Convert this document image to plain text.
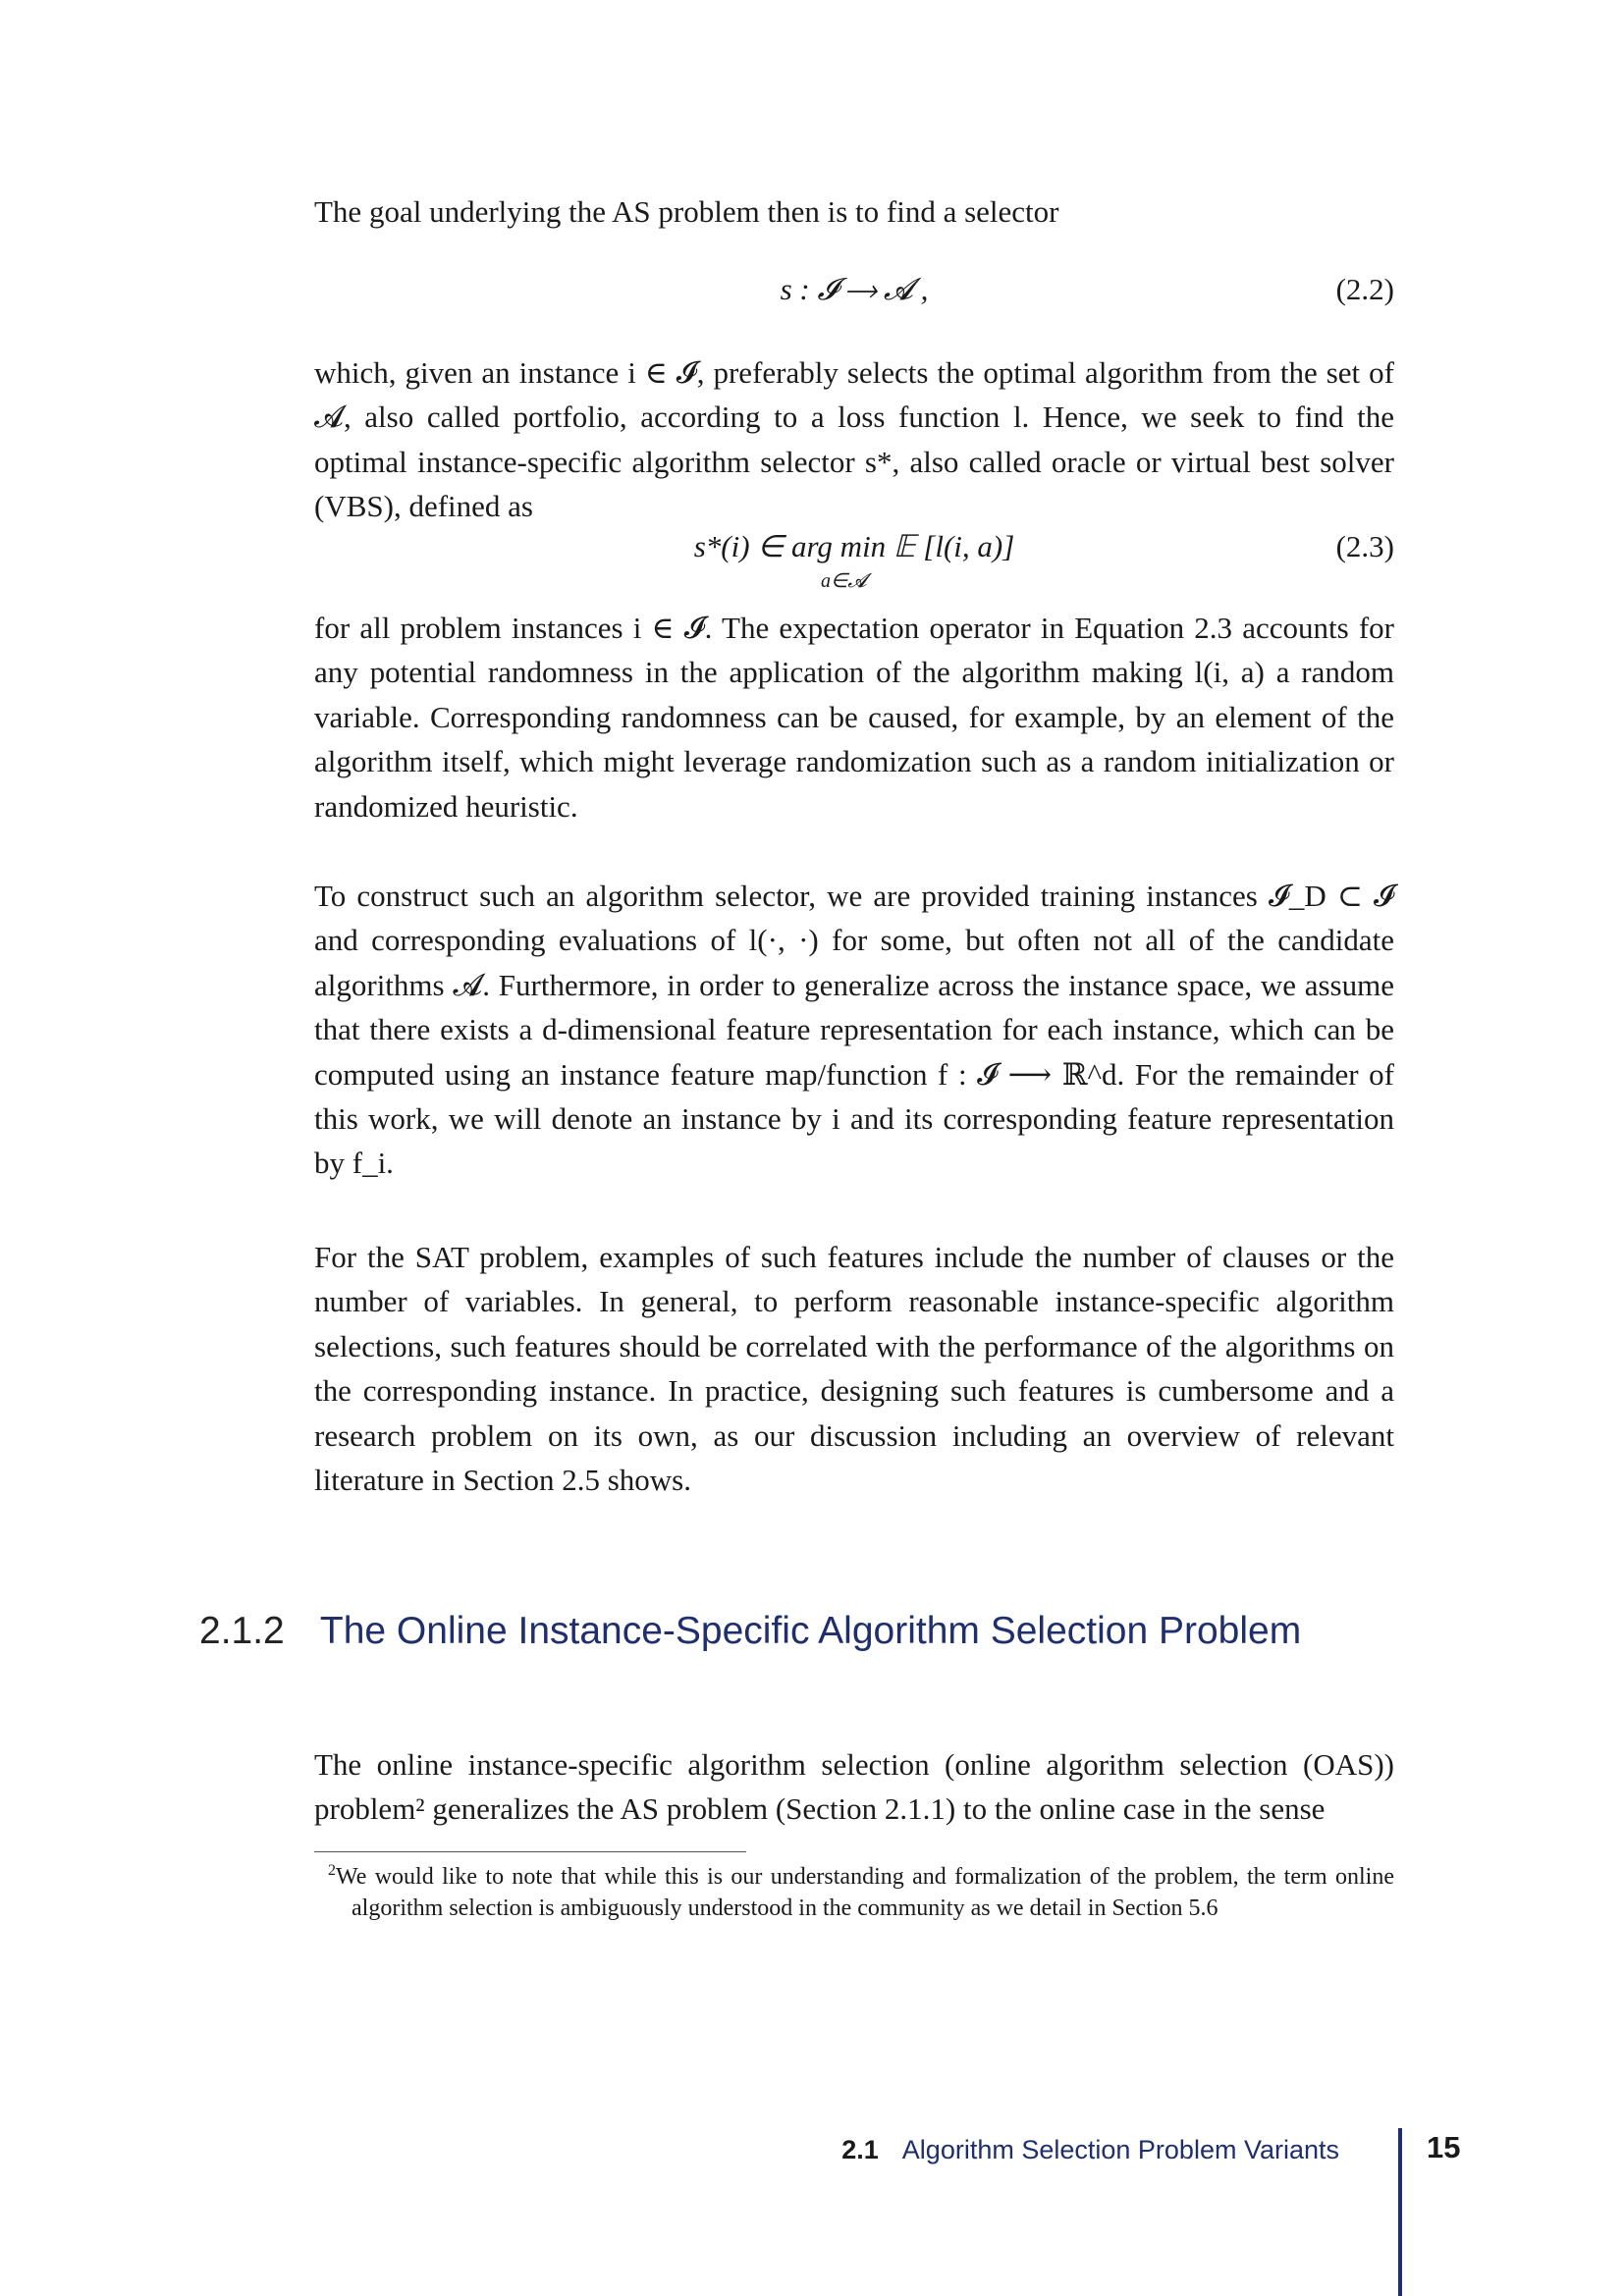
The goal underlying the AS problem then is to find a selector

s : 𝓘 ⟶ 𝓐 ,	(2.2)

which, given an instance i ∈ 𝓘, preferably selects the optimal algorithm from the set of 𝓐, also called portfolio, according to a loss function l. Hence, we seek to find the optimal instance-specific algorithm selector s*, also called oracle or virtual best solver (VBS), defined as

s*(i) ∈ arg min 𝔼 [l(i, a)]
a∈𝓐
(2.3)

for all problem instances i ∈ 𝓘. The expectation operator in Equation 2.3 accounts for any potential randomness in the application of the algorithm making l(i, a) a random variable. Corresponding randomness can be caused, for example, by an element of the algorithm itself, which might leverage randomization such as a random initialization or randomized heuristic.

To construct such an algorithm selector, we are provided training instances 𝓘_D ⊂ 𝓘 and corresponding evaluations of l(·, ·) for some, but often not all of the candidate algorithms 𝓐. Furthermore, in order to generalize across the instance space, we assume that there exists a d-dimensional feature representation for each instance, which can be computed using an instance feature map/function f : 𝓘 ⟶ ℝ^d. For the remainder of this work, we will denote an instance by i and its corresponding feature representation by f_i.

For the SAT problem, examples of such features include the number of clauses or the number of variables. In general, to perform reasonable instance-specific algorithm selections, such features should be correlated with the performance of the algorithms on the corresponding instance. In practice, designing such features is cumbersome and a research problem on its own, as our discussion including an overview of relevant literature in Section 2.5 shows.

2.1.2 The Online Instance-Specific Algorithm Selection Problem

The online instance-specific algorithm selection (online algorithm selection (OAS)) problem² generalizes the AS problem (Section 2.1.1) to the online case in the sense

$^2$We would like to note that while this is our understanding and formalization of the problem, the term online algorithm selection is ambiguously understood in the community as we detail in Section 5.6
2.1 Algorithm Selection Problem Variants	15
